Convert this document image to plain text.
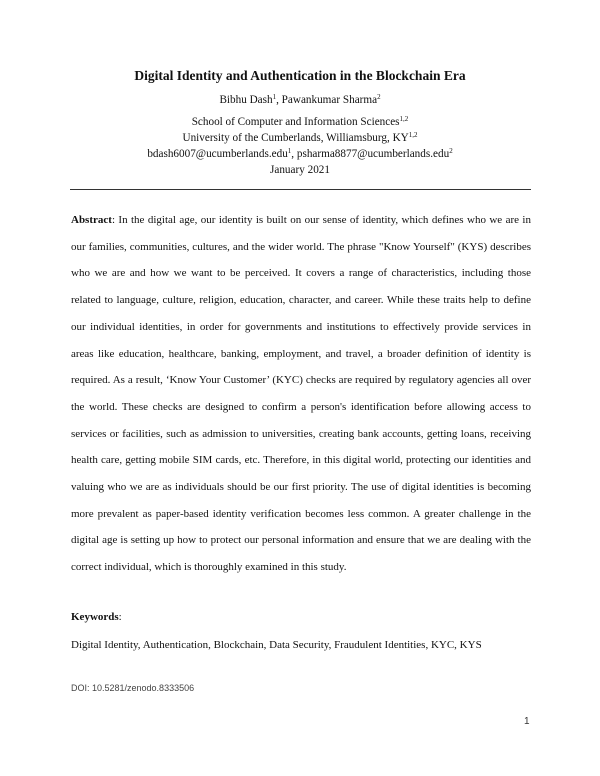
Digital Identity and Authentication in the Blockchain Era
Bibhu Dash$^1$, Pawankumar Sharma$^2$
School of Computer and Information Sciences$^{1,2}$
University of the Cumberlands, Williamsburg, KY$^{1,2}$
bdash6007@ucumberlands.edu$^1$, psharma8877@ucumberlands.edu$^2$
January 2021

Abstract: In the digital age, our identity is built on our sense of identity, which defines who we are in our families, communities, cultures, and the wider world. The phrase "Know Yourself" (KYS) describes who we are and how we want to be perceived. It covers a range of characteristics, including those related to language, culture, religion, education, character, and career. While these traits help to define our individual identities, in order for governments and institutions to effectively provide services in areas like education, healthcare, banking, employment, and travel, a broader definition of identity is required. As a result, ‘Know Your Customer’ (KYC) checks are required by regulatory agencies all over the world. These checks are designed to confirm a person's identification before allowing access to services or facilities, such as admission to universities, creating bank accounts, getting loans, receiving health care, getting mobile SIM cards, etc. Therefore, in this digital world, protecting our identities and valuing who we are as individuals should be our first priority. The use of digital identities is becoming more prevalent as paper-based identity verification becomes less common. A greater challenge in the digital age is setting up how to protect our personal information and ensure that we are dealing with the correct individual, which is thoroughly examined in this study.

Keywords:
Digital Identity, Authentication, Blockchain, Data Security, Fraudulent Identities, KYC, KYS
DOI: 10.5281/zenodo.8333506
1
